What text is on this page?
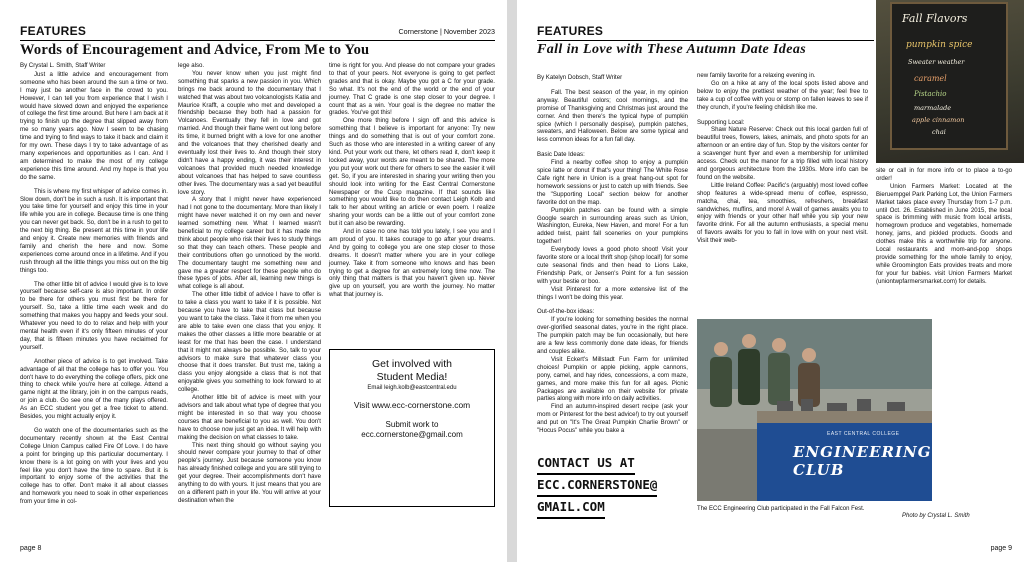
FEATURES	Cornerstone | November 2023
Words of Encouragement and Advice, From Me to You

By Crystal L. Smith, Staff Writer

Just a little advice and encouragement from someone who has been around the sun a time or two. I may just be another face in the crowd to you. However, I can tell you from experience that I wish I would have slowed down and enjoyed the experience of college the first time around. But here I am back at it trying to finish up the degree that slipped away from me so many years ago. Now I seem to be chasing time and trying to find ways to take it back and claim it for my own. These days I try to take advantage of as many experiences and opportunities as I can. And I am determined to make the most of my college experience this time around. And my hope is that you do the same.

This is where my first whisper of advice comes in. Slow down, don't be in such a rush. It is important that you take time for yourself and enjoy this time in your life while you are in college. Because time is one thing you can never get back. So, don't be in a rush to get to the next big thing. Be present at this time in your life and enjoy it. Create new memories with friends and family and cherish the here and now. Some experiences come around once in a lifetime. And if you rush through all the little things you miss out on the big things too.

The other little bit of advice I would give is to love yourself because self-care is also important. In order to be there for others you must first be there for yourself. So, take a little time each week and do something that makes you happy and feeds your soul. Whatever you need to do to relax and help with your mental health even if it's only fifteen minutes of your day, that is fifteen minutes you have reclaimed for yourself.

Another piece of advice is to get involved. Take advantage of all that the college has to offer you. You don't have to do everything the college offers, pick one thing to check while you're here at college. Attend a game night at the library, join in on the campus reads, or join a club. Go see one of the many plays offered. As an ECC student you get a free ticket to attend. Besides, you might actually enjoy it.

Go watch one of the documentaries such as the documentary recently shown at the East Central College Union Campus called Fire Of Love. I do have a point for bringing up this particular documentary. I know there is a lot going on with your lives and you feel like you don't have the time to spare. But it is important to enjoy some of the activities that the college has to offer. Don't make it all about classes and homework you need to soak in other experiences from your time in col-

lege also.

You never know when you just might find something that sparks a new passion in you. Which brings me back around to the documentary that I watched that was about two volcanologists Katia and Maurice Krafft, a couple who met and developed a friendship because they both had a passion for Volcanoes. Eventually they fell in love and got married. And though their flame went out long before its time, it burned bright with a love for one another and the volcanoes that they cherished dearly and eventually lost their lives to. And though their story didn't have a happy ending, it was their interest in volcanoes that provided much needed knowledge about volcanoes that has helped to save countless other lives. The documentary was a sad yet beautiful love story.

A story that I might never have experienced had I not gone to the documentary. More than likely I might have never watched it on my own and never learned something new. What I learned wasn't beneficial to my college career but it has made me think about people who risk their lives to study things so that they can teach others. These people and their contributions often go unnoticed by the world. The documentary taught me something new and gave me a greater respect for these people who do these types of jobs. After all, learning new things is what college is all about.

The other little tidbit of advice I have to offer is to take a class you want to take if it is possible. Not because you have to take that class but because you want to take the class. Take it from me when you are able to take even one class that you enjoy. It makes the other classes a little more bearable or at least for me that has been the case. I understand that it might not always be possible. So, talk to your advisors to make sure that whatever class you choose that it does transfer. But trust me, taking a class you enjoy alongside a class that is not that enjoyable gives you something to look forward to at college.

Another little bit of advice is meet with your advisors and talk about what type of degree that you might be interested in so that way you choose courses that are beneficial to you as well. You don't have to choose now just get an idea. It will help with making the decision on what classes to take.

This next thing should go without saying you should never compare your journey to that of other people's journey. Just because someone you know has already finished college and you are still trying to get your degree. Their accomplishments don't have anything to do with yours. It just means that you are on a different path in your life. You will arrive at your destination when the

time is right for you. And please do not compare your grades to that of your peers. Not everyone is going to get perfect grades and that is okay. Maybe you got a C for your grade. So what. It's not the end of the world or the end of your journey. That C grade is one step closer to your degree. I count that as a win. Your goal is the degree no matter the grades. You've got this!

One more thing before I sign off and this advice is something that I believe is important for anyone: Try new things and do something that is out of your comfort zone. Such as those who are interested in a writing career of any kind. Put your work out there, let others read it, don't keep it locked away, your words are meant to be shared. The more you put your work out there for others to see the easier it will get. So, if you are interested in sharing your writing then you should look into writing for the East Central Cornerstone Newspaper or the Cusp magazine. If that sounds like something you would like to do then contact Leigh Kolb and talk to her about writing an article or even poem. I realize sharing your words can be a little out of your comfort zone but it can also be rewarding.

And in case no one has told you lately, I see you and I am proud of you. It takes courage to go after your dreams. And by going to college you are one step closer to those dreams. It doesn't matter where you are in your college journey. Take it from someone who knows and has been trying to get a degree for an extremely long time now. The only thing that matters is that you haven't given up. Never give up on yourself, you are worth the journey. No matter what that journey is.

Get involved with
Student Media!
Email leigh.kolb@eastcentral.edu
Visit www.ecc-cornerstone.com
Submit work to
ecc.cornerstone@gmail.com
page 8
FEATURES
Fall in Love with These Autumn Date Ideas
Fall Flavors
pumpkin spice
Sweater weather
caramel
Pistachio
marmalade
apple cinnamon
chai

By Katelyn Dobsch, Staff Writer

Fall. The best season of the year, in my opinion anyway. Beautiful colors; cool mornings, and the promise of Thanksgiving and Christmas just around the corner. And then there's the typical hype of pumpkin spice (which I personally despise), pumpkin patches, sweaters, and Halloween. Below are some typical and less common ideas for a fun fall day.

Basic Date Ideas:

Find a nearby coffee shop to enjoy a pumpkin spice latte or donut if that's your thing! The White Rose Cafe right here in Union is a great hang-out spot for homework sessions or just to catch up with friends. See the "Supporting Local" section below for another favorite dot on the map.

Pumpkin patches can be found with a simple Google search in surrounding areas such as Union, Washington, Eureka, New Haven, and more! For a fun added twist, paint fall sceneries on your pumpkins together!

Everybody loves a good photo shoot! Visit your favorite store or a local thrift shop (shop local!) for some cute seasonal finds and then head to Lions Lake, Friendship Park, or Jensen's Point for a fun session with your bestie or boo.

Visit Pinterest for a more extensive list of the things I won't be doing this year.

Out-of-the-box ideas:

If you're looking for something besides the normal over-glorified seasonal dates, you're in the right place. The pumpkin patch may be fun occasionally, but here are a few less commonly done date ideas, for friends and couples alike.

Visit Eckert's Millstadt Fun Farm for unlimited choices! Pumpkin or apple picking, apple cannons, pony, camel, and hay rides, concessions, a corn maze, games, and more make this fun for all ages. Picnic Packages are available on their website for private parties along with more info on daily activities.

Find an autumn-inspired desert recipe (ask your mom or Pinterest for the best advice!) to try out yourself and put on "It's The Great Pumpkin Charlie Brown" or "Hocus Pocus" while you bake a

new family favorite for a relaxing evening in.

Go on a hike at any of the local spots listed above and below to enjoy the prettiest weather of the year; feel free to take a cup of coffee with you or stomp on fallen leaves to see if they crunch, if you're feeling childish like me.

Supporting Local:

Shaw Nature Reserve: Check out this local garden full of beautiful trees, flowers, lakes, animals, and photo spots for an afternoon or an entire day of fun. Stop by the visitors center for a scavenger hunt flyer and even a membership for unlimited access. Check out the manor for a trip filled with local history and gorgeous architecture from the 1930s. More info can be found on the website.

Little Ireland Coffee: Pacific's (arguably) most loved coffee shop features a wide-spread menu of coffee, espresso, matcha, chai, tea, smoothies, refreshers, breakfast sandwiches, muffins, and more! A wall of games awaits you to enjoy with friends or your other half while you sip your new favorite drink. For all the autumn enthusiasts, a special menu of flavors awaits for you to fall in love with on your next visit. Visit their web-

site or call in for more info or to place a to-go order!

Union Farmers Market: Located at the Bieruempgel Park Parking Lot, the Union Farmers Market takes place every Thursday from 1-7 p.m. until Oct. 26. Established in June 2015, the local space is brimming with music from local artists, homegrown produce and vegetables, homemade honey, jams, and pickled products. Goods and clothes make this a worthwhile trip for anyone. Local restaurants and mom-and-pop shops provide something for the whole family to enjoy, while Groomington Eats provides treats and more for your fur babies. visit Union Farmers Market (uniontwpfarmersmarket.com) for details.

EAST CENTRAL COLLEGE
ENGINEERING CLUB
The ECC Engineering Club participated in the Fall Falcon Fest.
Photo by Crystal L. Smith
CONTACT US AT
ECC.CORNERSTONE@
GMAIL.COM
page 9
